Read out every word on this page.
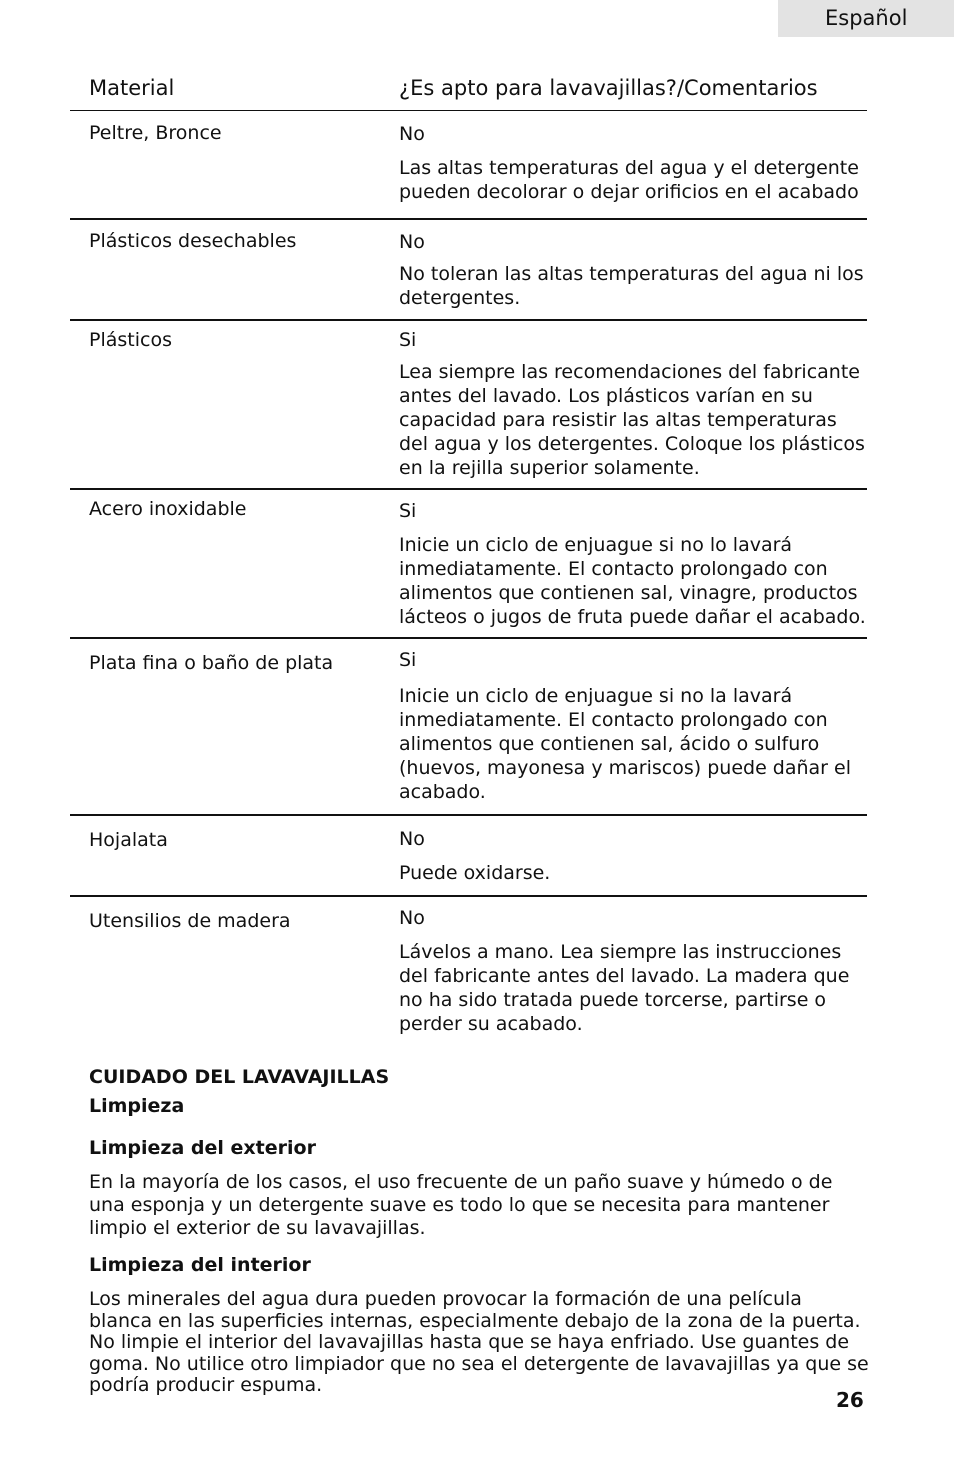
Español
Material	¿Es apto para lavavajillas?/Comentarios
Peltre, Bronce	No

Las altas temperaturas del agua y el detergente pueden decolorar o dejar orificios en el acabado

Plásticos desechables	No

No toleran las altas temperaturas del agua ni los detergentes.

Plásticos	Si

Lea siempre las recomendaciones del fabricante antes del lavado. Los plásticos varían en su capacidad para resistir las altas temperaturas del agua y los detergentes. Coloque los plásticos en la rejilla superior solamente.

Acero inoxidable	Si

Inicie un ciclo de enjuague si no lo lavará inmediatamente. El contacto prolongado con alimentos que contienen sal, vinagre, productos lácteos o jugos de fruta puede dañar el acabado.

Plata fina o baño de plata	Si

Inicie un ciclo de enjuague si no la lavará inmediatamente. El contacto prolongado con alimentos que contienen sal, ácido o sulfuro (huevos, mayonesa y mariscos) puede dañar el acabado.

Hojalata	No

Puede oxidarse.

Utensilios de madera	No

Lávelos a mano. Lea siempre las instrucciones del fabricante antes del lavado. La madera que no ha sido tratada puede torcerse, partirse o perder su acabado.

CUIDADO DEL LAVAVAJILLAS
Limpieza
Limpieza del exterior

En la mayoría de los casos, el uso frecuente de un paño suave y húmedo o de una esponja y un detergente suave es todo lo que se necesita para mantener limpio el exterior de su lavavajillas.

Limpieza del interior

Los minerales del agua dura pueden provocar la formación de una película blanca en las superficies internas, especialmente debajo de la zona de la puerta. No limpie el interior del lavavajillas hasta que se haya enfriado. Use guantes de goma. No utilice otro limpiador que no sea el detergente de lavavajillas ya que se podría producir espuma.

26
